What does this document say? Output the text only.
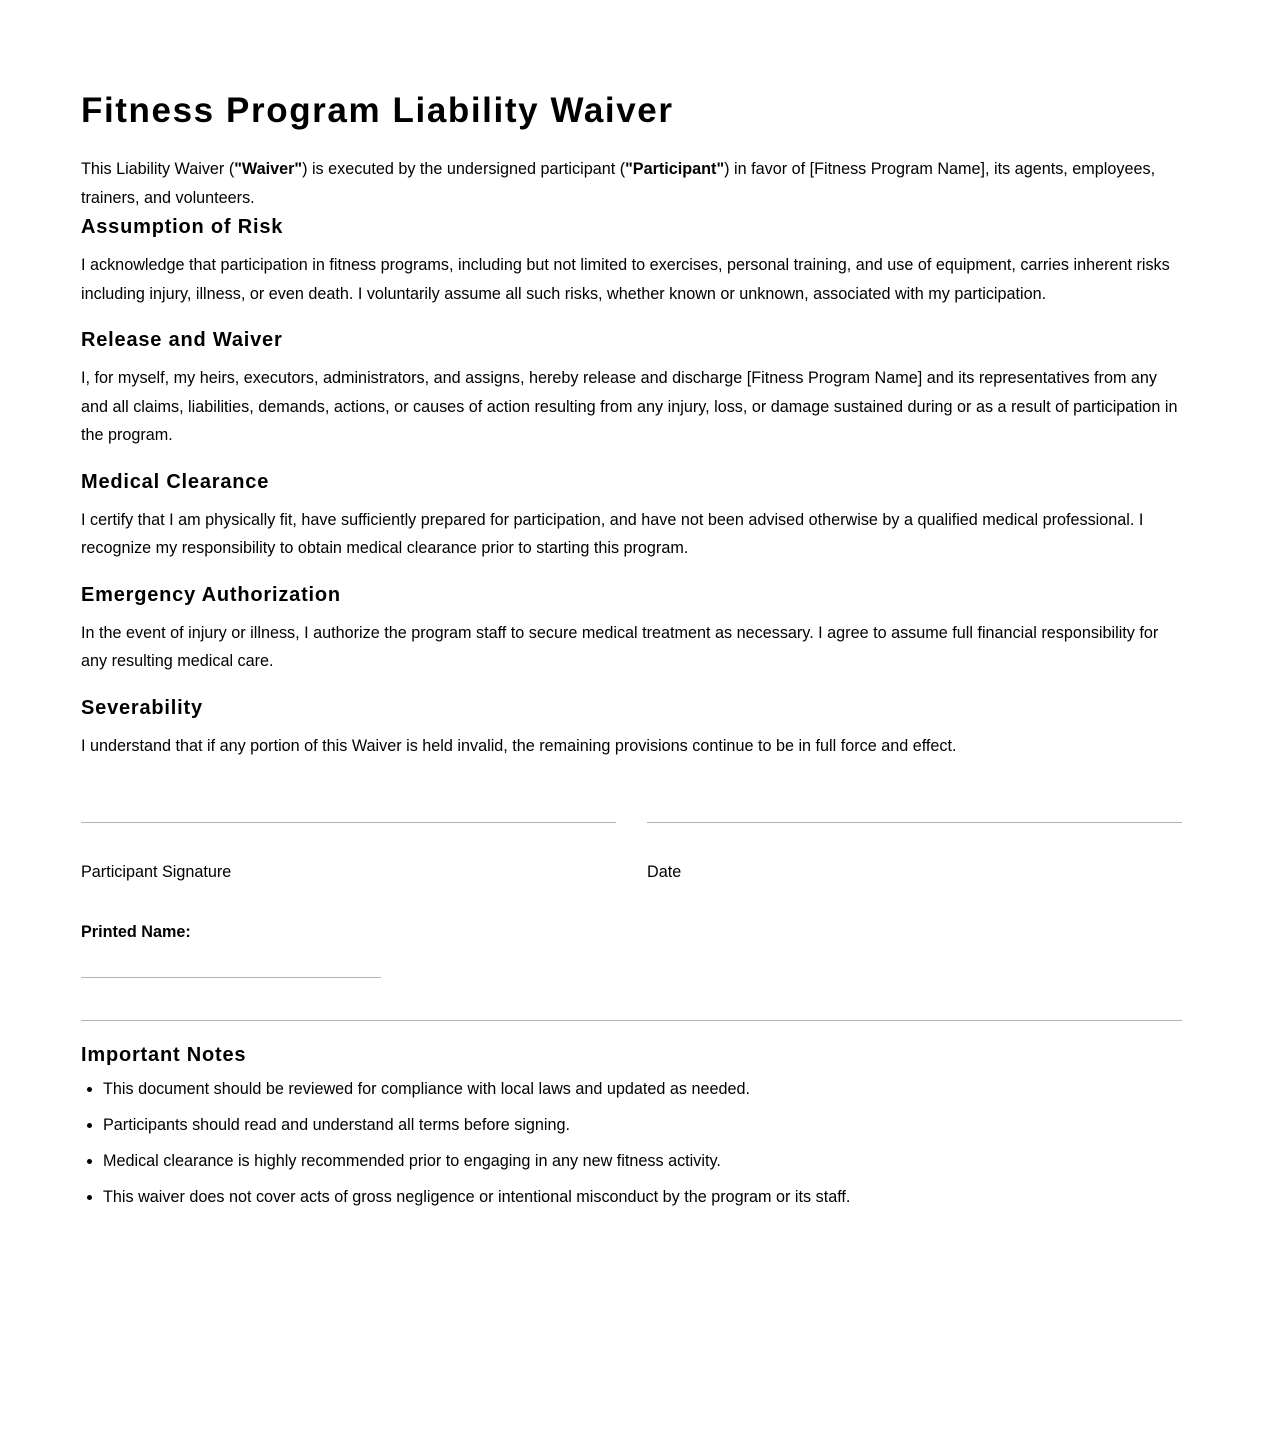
Fitness Program Liability Waiver

This Liability Waiver ("Waiver") is executed by the undersigned participant ("Participant") in favor of [Fitness Program Name], its agents, employees, trainers, and volunteers.

Assumption of Risk

I acknowledge that participation in fitness programs, including but not limited to exercises, personal training, and use of equipment, carries inherent risks including injury, illness, or even death. I voluntarily assume all such risks, whether known or unknown, associated with my participation.

Release and Waiver

I, for myself, my heirs, executors, administrators, and assigns, hereby release and discharge [Fitness Program Name] and its representatives from any and all claims, liabilities, demands, actions, or causes of action resulting from any injury, loss, or damage sustained during or as a result of participation in the program.

Medical Clearance

I certify that I am physically fit, have sufficiently prepared for participation, and have not been advised otherwise by a qualified medical professional. I recognize my responsibility to obtain medical clearance prior to starting this program.

Emergency Authorization

In the event of injury or illness, I authorize the program staff to secure medical treatment as necessary. I agree to assume full financial responsibility for any resulting medical care.

Severability

I understand that if any portion of this Waiver is held invalid, the remaining provisions continue to be in full force and effect.

Participant Signature	Date
Printed Name:
Important Notes
• This document should be reviewed for compliance with local laws and updated as needed.
• Participants should read and understand all terms before signing.
• Medical clearance is highly recommended prior to engaging in any new fitness activity.
• This waiver does not cover acts of gross negligence or intentional misconduct by the program or its staff.
